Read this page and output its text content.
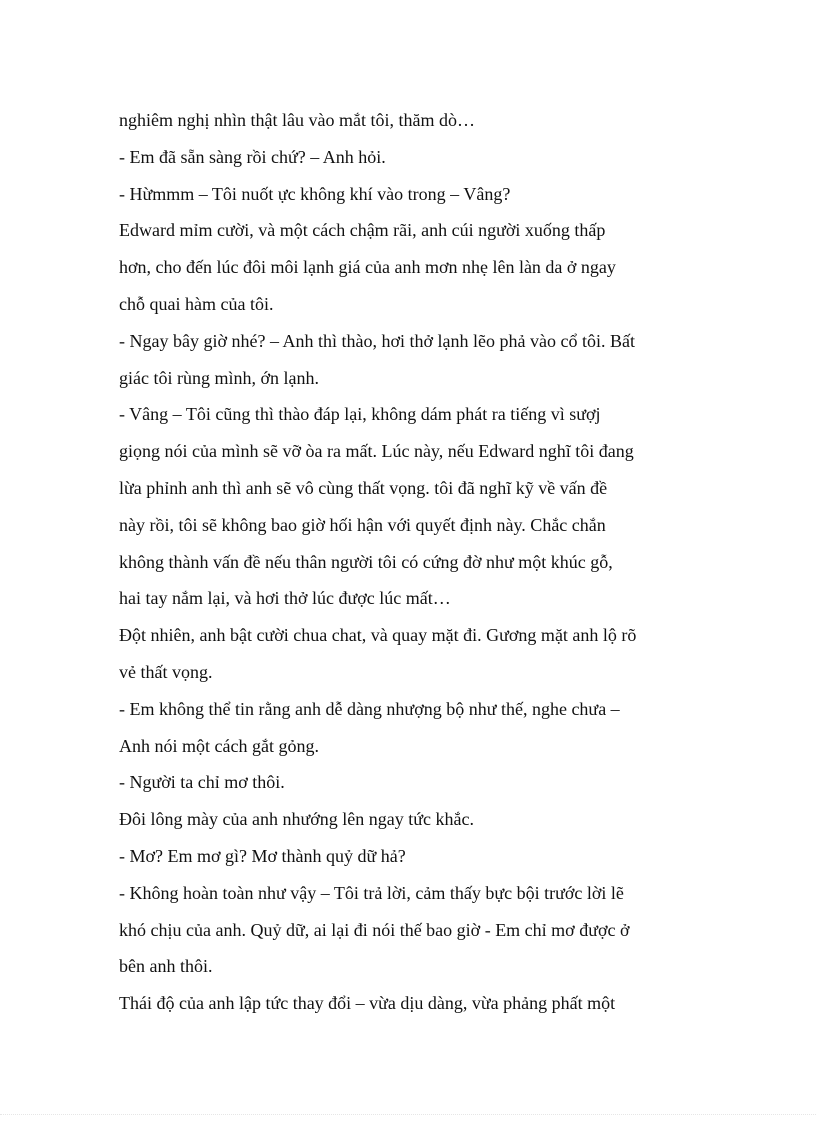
nghiêm nghị nhìn thật lâu vào mắt tôi, thăm dò…
- Em đã sẵn sàng rồi chứ? – Anh hỏi.
- Hừmmm – Tôi nuốt ực không khí vào trong – Vâng?
Edward mỉm cười, và một cách chậm rãi, anh cúi người xuống thấp
hơn, cho đến lúc đôi môi lạnh giá của anh mơn nhẹ lên làn da ở ngay
chỗ quai hàm của tôi.
- Ngay bây giờ nhé? – Anh thì thào, hơi thở lạnh lẽo phả vào cổ tôi. Bất
giác tôi rùng mình, ớn lạnh.
- Vâng – Tôi cũng thì thào đáp lại, không dám phát ra tiếng vì sượj
giọng nói của mình sẽ vỡ òa ra mất. Lúc này, nếu Edward nghĩ tôi đang
lừa phỉnh anh thì anh sẽ vô cùng thất vọng. tôi đã nghĩ kỹ về vấn đề
này rồi, tôi sẽ không bao giờ hối hận với quyết định này. Chắc chắn
không thành vấn đề nếu thân người tôi có cứng đờ như một khúc gỗ,
hai tay nắm lại, và hơi thở lúc được lúc mất…
Đột nhiên, anh bật cười chua chat, và quay mặt đi. Gương mặt anh lộ rõ
vẻ thất vọng.
- Em không thể tin rằng anh dễ dàng nhượng bộ như thế, nghe chưa –
Anh nói một cách gắt gỏng.
- Người ta chỉ mơ thôi.
Đôi lông mày của anh nhướng lên ngay tức khắc.
- Mơ? Em mơ gì? Mơ thành quỷ dữ hả?
- Không hoàn toàn như vậy – Tôi trả lời, cảm thấy bực bội trước lời lẽ
khó chịu của anh. Quỷ dữ, ai lại đi nói thế bao giờ - Em chỉ mơ được ở
bên anh thôi.
Thái độ của anh lập tức thay đổi – vừa dịu dàng, vừa phảng phất một
